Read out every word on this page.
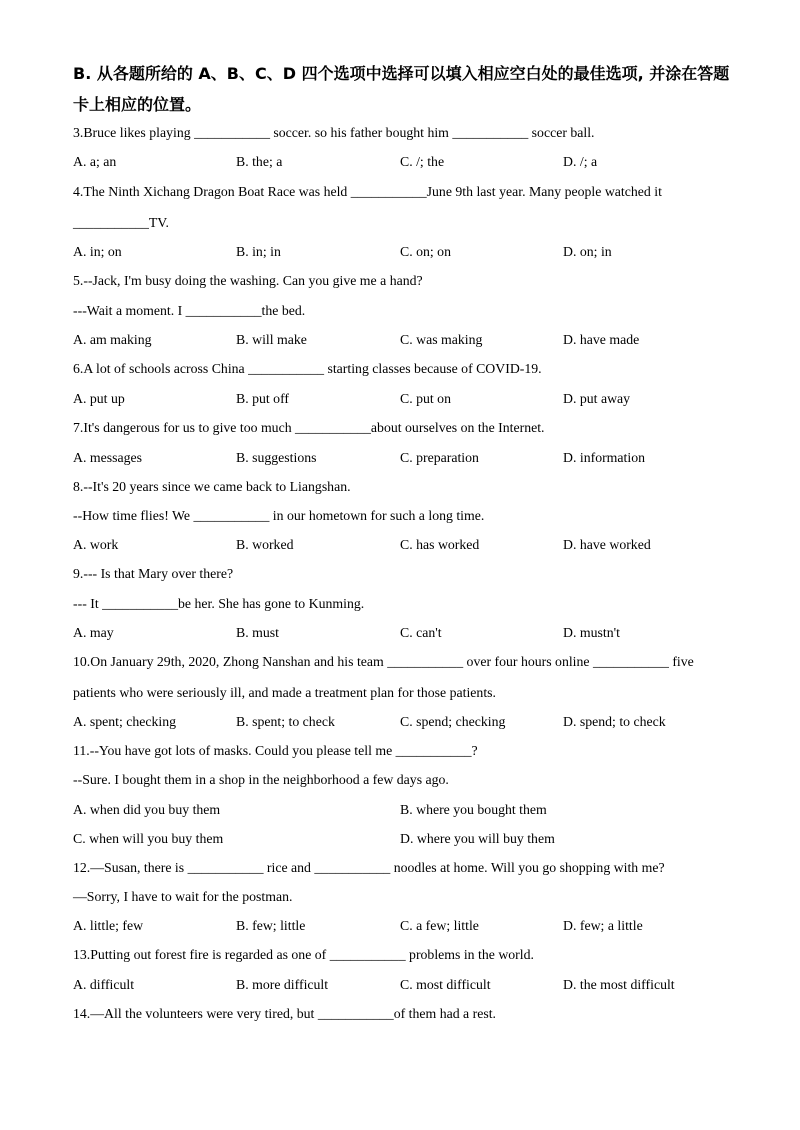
B. 从各题所给的 A、B、C、D 四个选项中选择可以填入相应空白处的最佳选项, 并涂在答题卡上相应的位置。
3.Bruce likes playing ___________ soccer. so his father bought him ___________ soccer ball.
A. a; an	B. the; a	C. /; the	D. /; a
4.The Ninth Xichang Dragon Boat Race was held ___________June 9th last year. Many people watched it
___________TV.
A. in; on	B. in; in	C. on; on	D. on; in
5.--Jack, I'm busy doing the washing. Can you give me a hand?
---Wait a moment. I ___________the bed.
A. am making	B. will make	C. was making	D. have made
6.A lot of schools across China ___________ starting classes because of COVID-19.
A. put up	B. put off	C. put on	D. put away
7.It's dangerous for us to give too much ___________about ourselves on the Internet.
A. messages	B. suggestions	C. preparation	D. information
8.--It's 20 years since we came back to Liangshan.
--How time flies! We ___________ in our hometown for such a long time.
A. work	B. worked	C. has worked	D. have worked
9.--- Is that Mary over there?
--- It ___________be her. She has gone to Kunming.
A. may	B. must	C. can't	D. mustn't
10.On January 29th, 2020, Zhong Nanshan and his team ___________ over four hours online ___________ five
patients who were seriously ill, and made a treatment plan for those patients.
A. spent; checking	B. spent; to check	C. spend; checking	D. spend; to check
11.--You have got lots of masks. Could you please tell me ___________?
--Sure. I bought them in a shop in the neighborhood a few days ago.
A. when did you buy them	B. where you bought them
C. when will you buy them	D. where you will buy them
12.—Susan, there is ___________ rice and ___________ noodles at home. Will you go shopping with me?
—Sorry, I have to wait for the postman.
A. little; few	B. few; little	C. a few; little	D. few; a little
13.Putting out forest fire is regarded as one of ___________ problems in the world.
A. difficult	B. more difficult	C. most difficult	D. the most difficult
14.—All the volunteers were very tired, but ___________of them had a rest.
